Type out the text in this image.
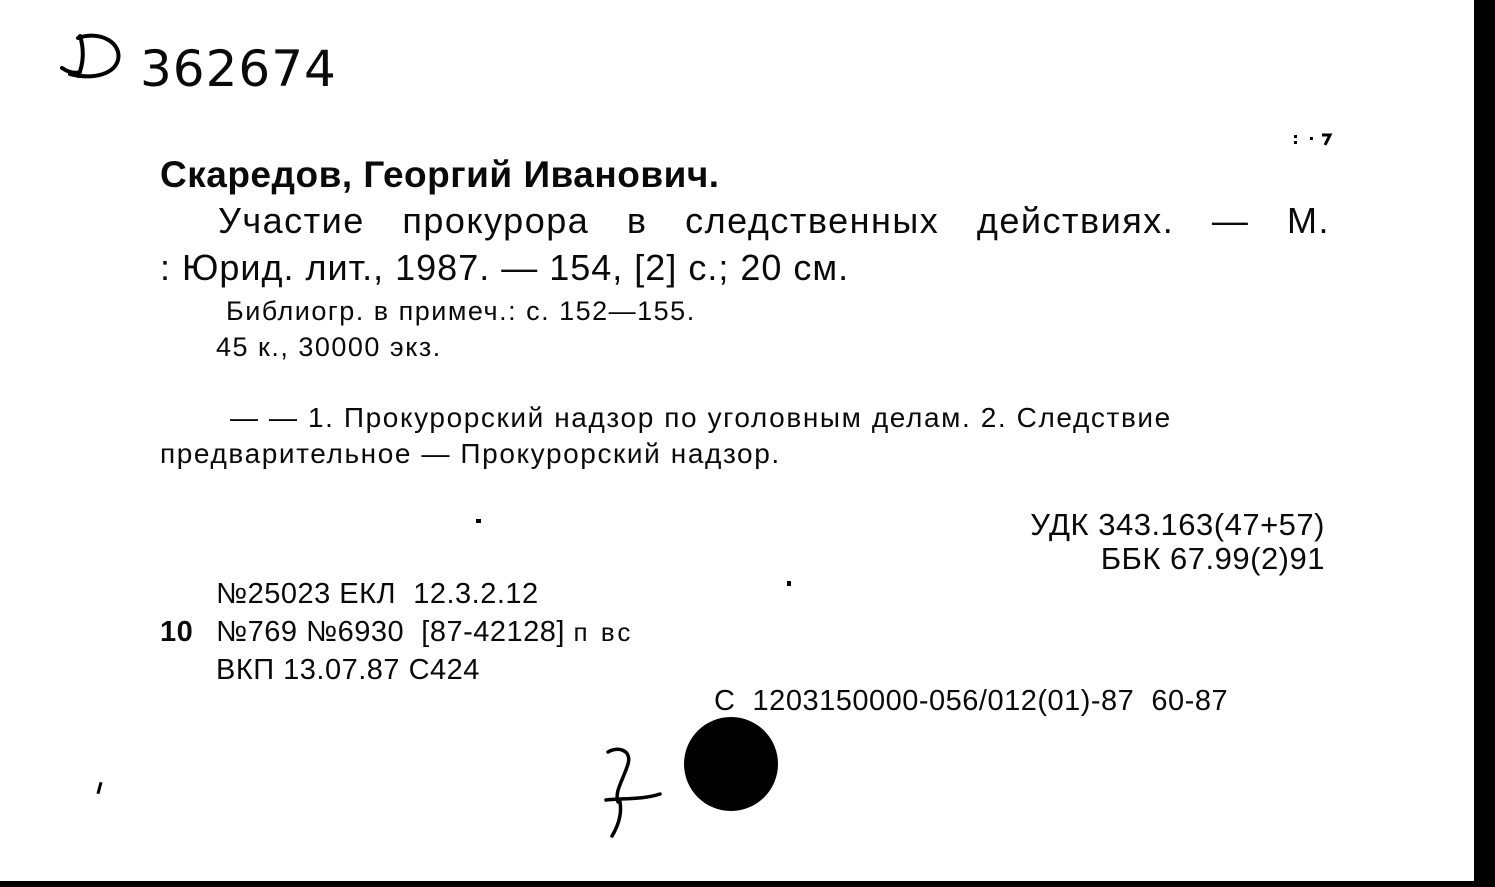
362674
Скаредов, Георгий Иванович.
Участие прокурора в следственных действиях. — М.
: Юрид. лит., 1987. — 154, [2] с.; 20 см.
Библиогр. в примеч.: с. 152—155.
45 к., 30000 экз.
— — 1. Прокурорский надзор по уголовным делам. 2. Следствие
предварительное — Прокурорский надзор.
УДК 343.163(47+57)
ББК 67.99(2)91
№25023 ЕКЛ  12.3.2.12
10 №769 №6930  [87-42128] п вс
ВКП 13.07.87 С424
С  1203150000-056/012(01)-87  60-87
